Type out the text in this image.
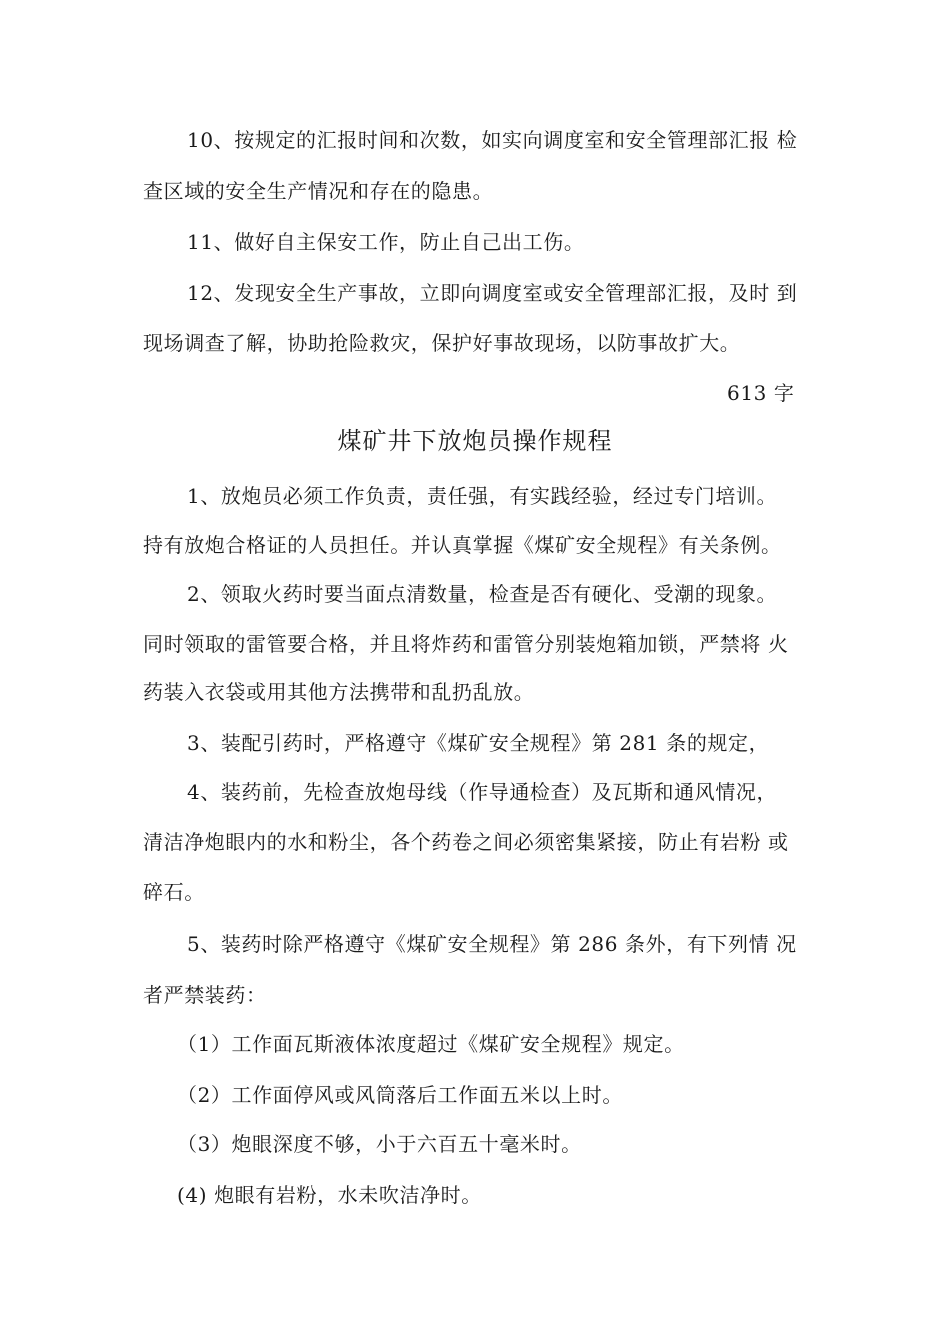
10、按规定的汇报时间和次数，如实向调度室和安全管理部汇报 检
查区域的安全生产情况和存在的隐患。
11、做好自主保安工作，防止自己出工伤。
12、发现安全生产事故，立即向调度室或安全管理部汇报，及时 到
现场调查了解，协助抢险救灾，保护好事故现场，以防事故扩大。
613 字
煤矿井下放炮员操作规程
1、放炮员必须工作负责，责任强，有实践经验，经过专门培训。
持有放炮合格证的人员担任。并认真掌握《煤矿安全规程》有关条例。
2、领取火药时要当面点清数量，检查是否有硬化、受潮的现象。
同时领取的雷管要合格，并且将炸药和雷管分别装炮箱加锁，严禁将 火
药装入衣袋或用其他方法携带和乱扔乱放。
3、装配引药时，严格遵守《煤矿安全规程》第 281 条的规定，
4、装药前，先检查放炮母线（作导通检查）及瓦斯和通风情况，
清洁净炮眼内的水和粉尘，各个药卷之间必须密集紧接，防止有岩粉 或
碎石。
5、装药时除严格遵守《煤矿安全规程》第 286 条外，有下列情 况
者严禁装药：
（1）工作面瓦斯液体浓度超过《煤矿安全规程》规定。
（2）工作面停风或风筒落后工作面五米以上时。
（3）炮眼深度不够，小于六百五十毫米时。
(4) 炮眼有岩粉，水未吹洁净时。
